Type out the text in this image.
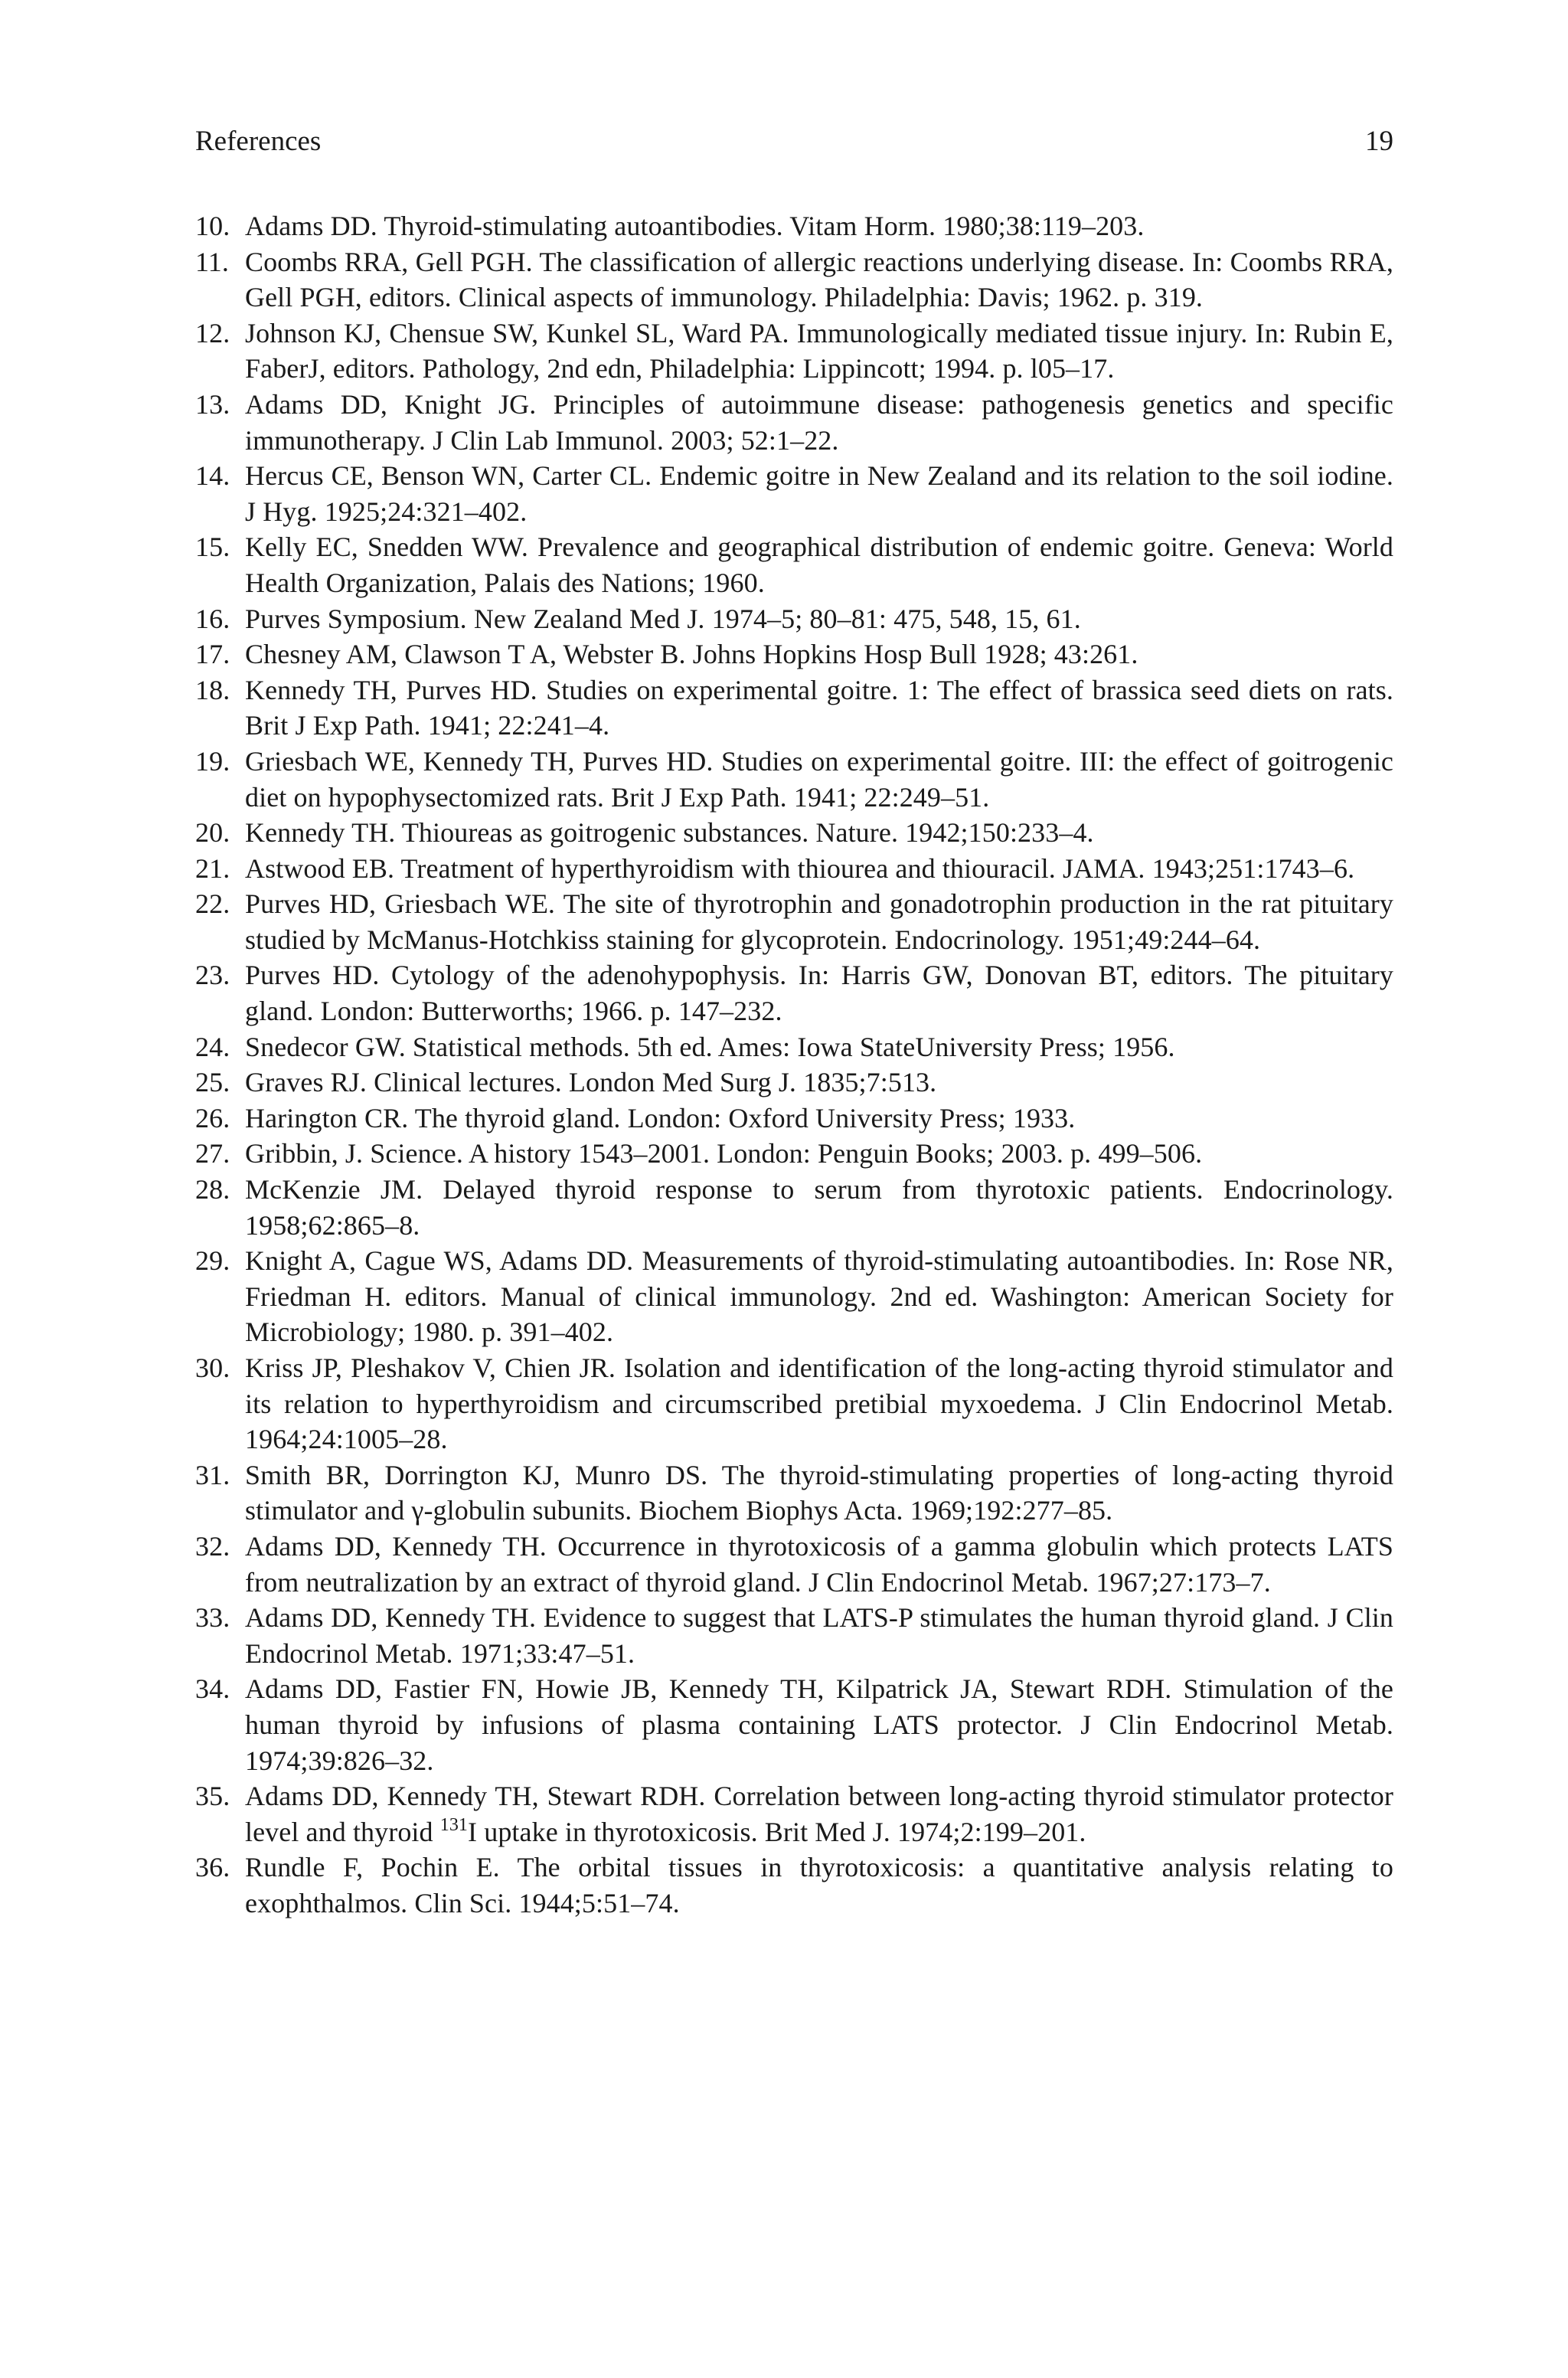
References	19
10. Adams DD. Thyroid-stimulating autoantibodies. Vitam Horm. 1980;38:119–203.
11. Coombs RRA, Gell PGH. The classification of allergic reactions underlying disease. In: Coombs RRA, Gell PGH, editors. Clinical aspects of immunology. Philadelphia: Davis; 1962. p. 319.
12. Johnson KJ, Chensue SW, Kunkel SL, Ward PA. Immunologically mediated tissue injury. In: Rubin E, FaberJ, editors. Pathology, 2nd edn, Philadelphia: Lippincott; 1994. p. l05–17.
13. Adams DD, Knight JG. Principles of autoimmune disease: pathogenesis genetics and specific immunotherapy. J Clin Lab Immunol. 2003; 52:1–22.
14. Hercus CE, Benson WN, Carter CL. Endemic goitre in New Zealand and its relation to the soil iodine. J Hyg. 1925;24:321–402.
15. Kelly EC, Snedden WW. Prevalence and geographical distribution of endemic goitre. Geneva: World Health Organization, Palais des Nations; 1960.
16. Purves Symposium. New Zealand Med J. 1974–5; 80–81: 475, 548, 15, 61.
17. Chesney AM, Clawson T A, Webster B. Johns Hopkins Hosp Bull 1928; 43:261.
18. Kennedy TH, Purves HD. Studies on experimental goitre. 1: The effect of brassica seed diets on rats. Brit J Exp Path. 1941; 22:241–4.
19. Griesbach WE, Kennedy TH, Purves HD. Studies on experimental goitre. III: the effect of goitrogenic diet on hypophysectomized rats. Brit J Exp Path. 1941; 22:249–51.
20. Kennedy TH. Thioureas as goitrogenic substances. Nature. 1942;150:233–4.
21. Astwood EB. Treatment of hyperthyroidism with thiourea and thiouracil. JAMA. 1943;251:1743–6.
22. Purves HD, Griesbach WE. The site of thyrotrophin and gonadotrophin production in the rat pituitary studied by McManus-Hotchkiss staining for glycoprotein. Endocrinology. 1951;49:244–64.
23. Purves HD. Cytology of the adenohypophysis. In: Harris GW, Donovan BT, editors. The pituitary gland. London: Butterworths; 1966. p. 147–232.
24. Snedecor GW. Statistical methods. 5th ed. Ames: Iowa StateUniversity Press; 1956.
25. Graves RJ. Clinical lectures. London Med Surg J. 1835;7:513.
26. Harington CR. The thyroid gland. London: Oxford University Press; 1933.
27. Gribbin, J. Science. A history 1543–2001. London: Penguin Books; 2003. p. 499–506.
28. McKenzie JM. Delayed thyroid response to serum from thyrotoxic patients. Endocrinology. 1958;62:865–8.
29. Knight A, Cague WS, Adams DD. Measurements of thyroid-stimulating autoantibodies. In: Rose NR, Friedman H. editors. Manual of clinical immunology. 2nd ed. Washington: American Society for Microbiology; 1980. p. 391–402.
30. Kriss JP, Pleshakov V, Chien JR. Isolation and identification of the long-acting thyroid stimulator and its relation to hyperthyroidism and circumscribed pretibial myxoedema. J Clin Endocrinol Metab. 1964;24:1005–28.
31. Smith BR, Dorrington KJ, Munro DS. The thyroid-stimulating properties of long-acting thyroid stimulator and γ-globulin subunits. Biochem Biophys Acta. 1969;192:277–85.
32. Adams DD, Kennedy TH. Occurrence in thyrotoxicosis of a gamma globulin which protects LATS from neutralization by an extract of thyroid gland. J Clin Endocrinol Metab. 1967;27:173–7.
33. Adams DD, Kennedy TH. Evidence to suggest that LATS-P stimulates the human thyroid gland. J Clin Endocrinol Metab. 1971;33:47–51.
34. Adams DD, Fastier FN, Howie JB, Kennedy TH, Kilpatrick JA, Stewart RDH. Stimulation of the human thyroid by infusions of plasma containing LATS protector. J Clin Endocrinol Metab. 1974;39:826–32.
35. Adams DD, Kennedy TH, Stewart RDH. Correlation between long-acting thyroid stimulator protector level and thyroid $^{131}$I uptake in thyrotoxicosis. Brit Med J. 1974;2:199–201.
36. Rundle F, Pochin E. The orbital tissues in thyrotoxicosis: a quantitative analysis relating to exophthalmos. Clin Sci. 1944;5:51–74.
